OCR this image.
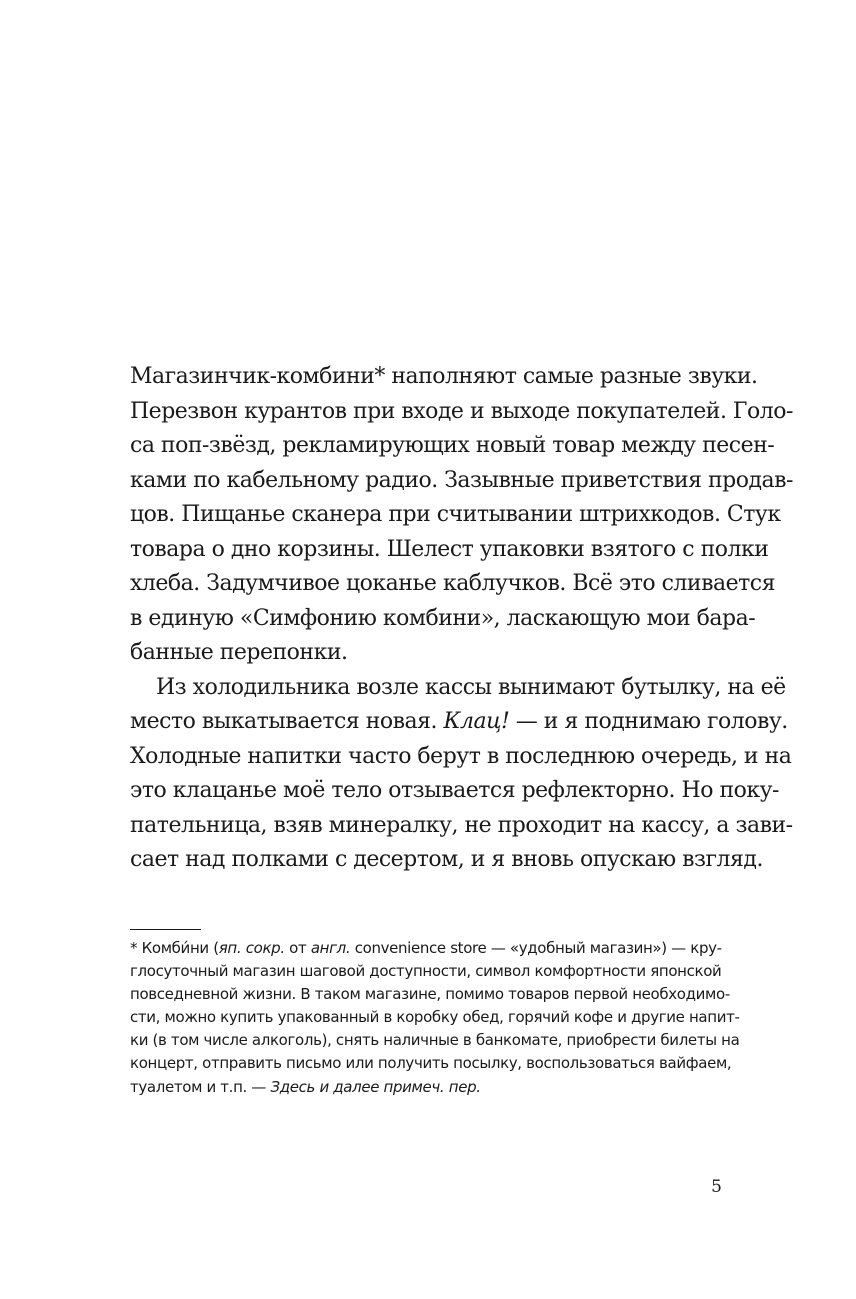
Магазинчик-комбини* наполняют самые разные звуки.
Перезвон курантов при входе и выходе покупателей. Голо-
са поп-звёзд, рекламирующих новый товар между песен-
ками по кабельному радио. Зазывные приветствия продав-
цов. Пищанье сканера при считывании штрихкодов. Стук
товара о дно корзины. Шелест упаковки взятого с полки
хлеба. Задумчивое цоканье каблучков. Всё это сливается
в единую «Симфонию комбини», ласкающую мои бара-
банные перепонки.
Из холодильника возле кассы вынимают бутылку, на её
место выкатывается новая. Клац! — и я поднимаю голову.
Холодные напитки часто берут в последнюю очередь, и на
это клацанье моё тело отзывается рефлекторно. Но поку-
пательница, взяв минералку, не проходит на кассу, а зави-
сает над полками с десертом, и я вновь опускаю взгляд.
* Комби́ни (яп. сокр. от англ. convenience store — «удобный магазин») — кру-
глосуточный магазин шаговой доступности, символ комфортности японской
повседневной жизни. В таком магазине, помимо товаров первой необходимо-
сти, можно купить упакованный в коробку обед, горячий кофе и другие напит-
ки (в том числе алкоголь), снять наличные в банкомате, приобрести билеты на
концерт, отправить письмо или получить посылку, воспользоваться вайфаем,
туалетом и т.п. — Здесь и далее примеч. пер.
5
